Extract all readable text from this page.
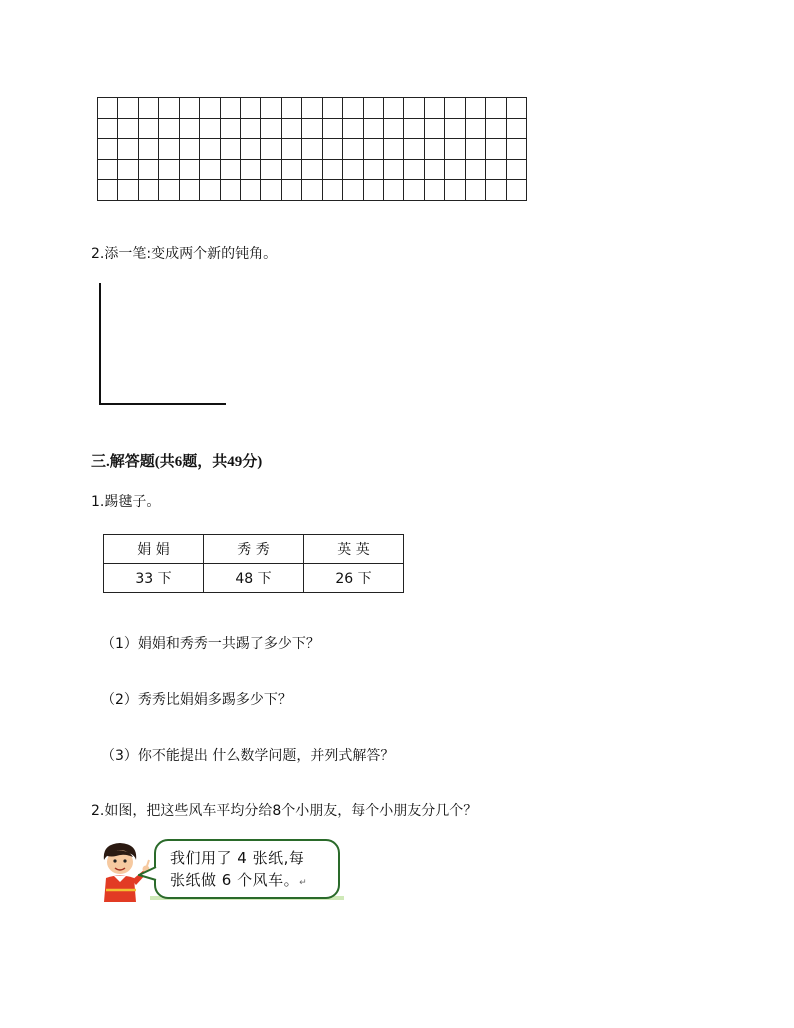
2.添一笔:变成两个新的钝角。
三.解答题(共6题，共49分)
1.踢毽子。
娟 娟	秀 秀	英 英
33 下	48 下	26 下
（1）娟娟和秀秀一共踢了多少下？
（2）秀秀比娟娟多踢多少下？
（3）你不能提出 什么数学问题，并列式解答？
2.如图，把这些风车平均分给8个小朋友，每个小朋友分几个？
我们用了 4 张纸,每
张纸做 6 个风车。↵
